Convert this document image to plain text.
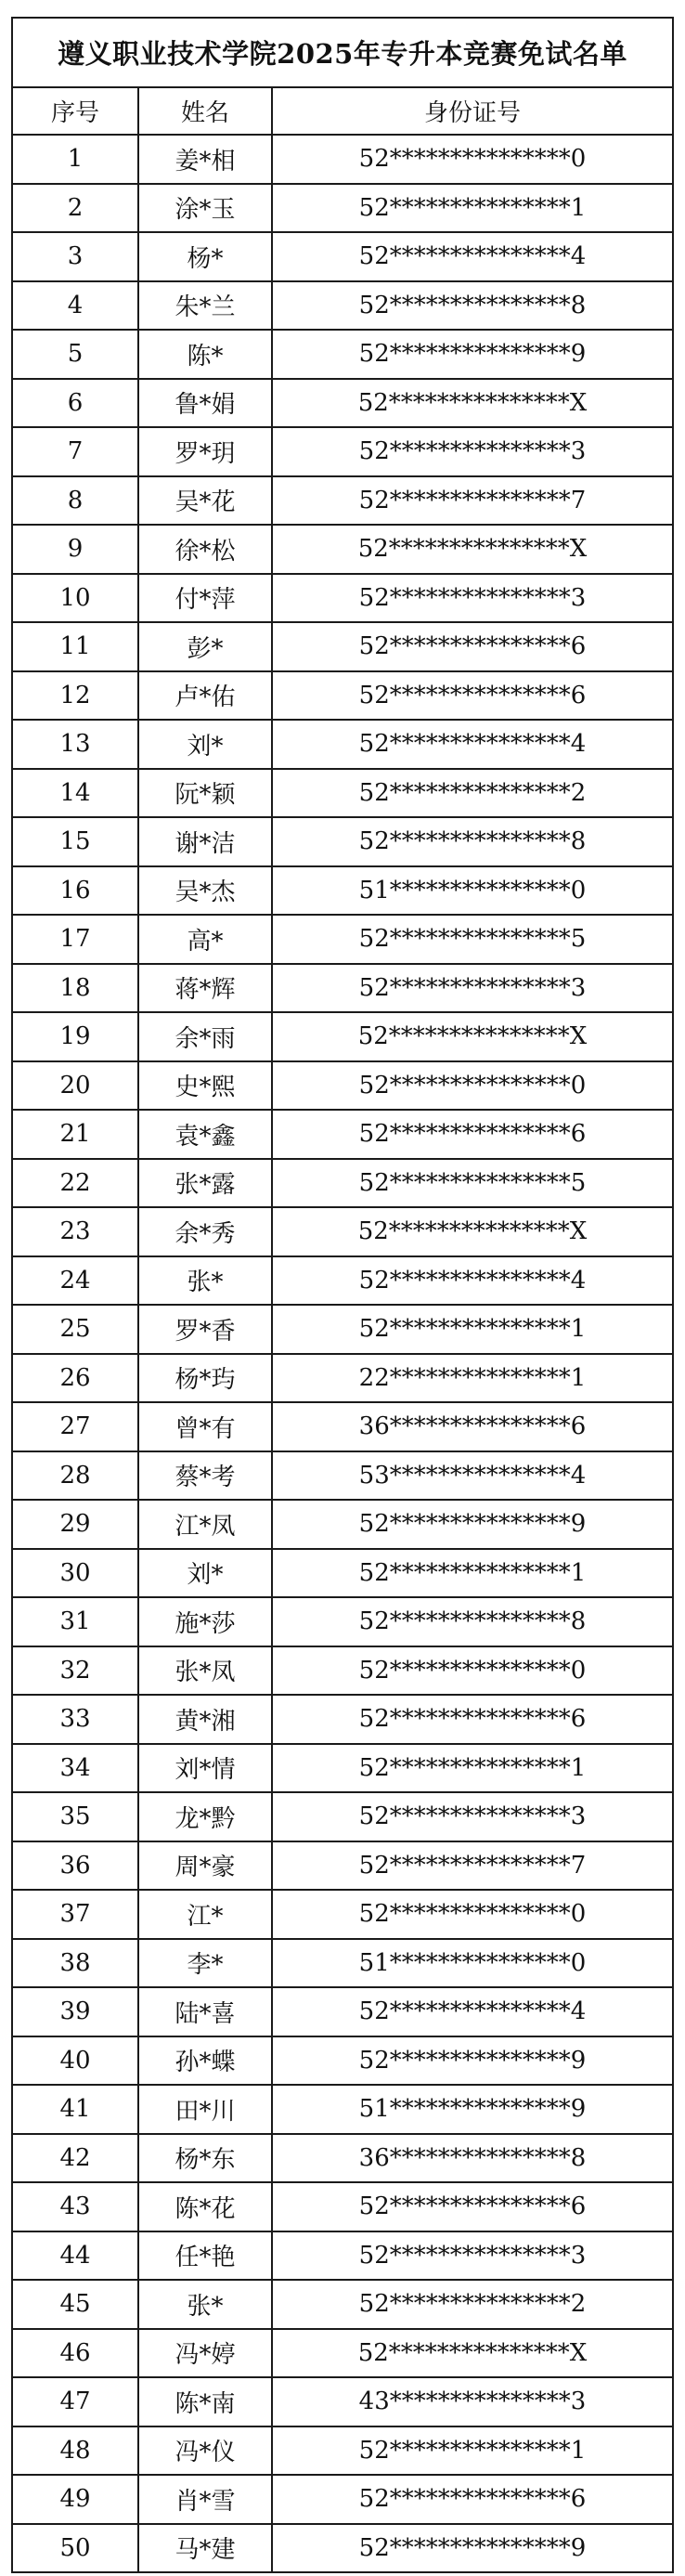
遵义职业技术学院2025年专升本竞赛免试名单		
序号	姓名	身份证号
1	姜*相	52***************0
2	涂*玉	52***************1
3	杨*	52***************4
4	朱*兰	52***************8
5	陈*	52***************9
6	鲁*娟	52***************X
7	罗*玥	52***************3
8	吴*花	52***************7
9	徐*松	52***************X
10	付*萍	52***************3
11	彭*	52***************6
12	卢*佑	52***************6
13	刘*	52***************4
14	阮*颖	52***************2
15	谢*洁	52***************8
16	吴*杰	51***************0
17	高*	52***************5
18	蒋*辉	52***************3
19	余*雨	52***************X
20	史*熙	52***************0
21	袁*鑫	52***************6
22	张*露	52***************5
23	余*秀	52***************X
24	张*	52***************4
25	罗*香	52***************1
26	杨*玙	22***************1
27	曾*有	36***************6
28	蔡*考	53***************4
29	江*凤	52***************9
30	刘*	52***************1
31	施*莎	52***************8
32	张*凤	52***************0
33	黄*湘	52***************6
34	刘*情	52***************1
35	龙*黔	52***************3
36	周*豪	52***************7
37	江*	52***************0
38	李*	51***************0
39	陆*喜	52***************4
40	孙*蝶	52***************9
41	田*川	51***************9
42	杨*东	36***************8
43	陈*花	52***************6
44	任*艳	52***************3
45	张*	52***************2
46	冯*婷	52***************X
47	陈*南	43***************3
48	冯*仪	52***************1
49	肖*雪	52***************6
50	马*建	52***************9
